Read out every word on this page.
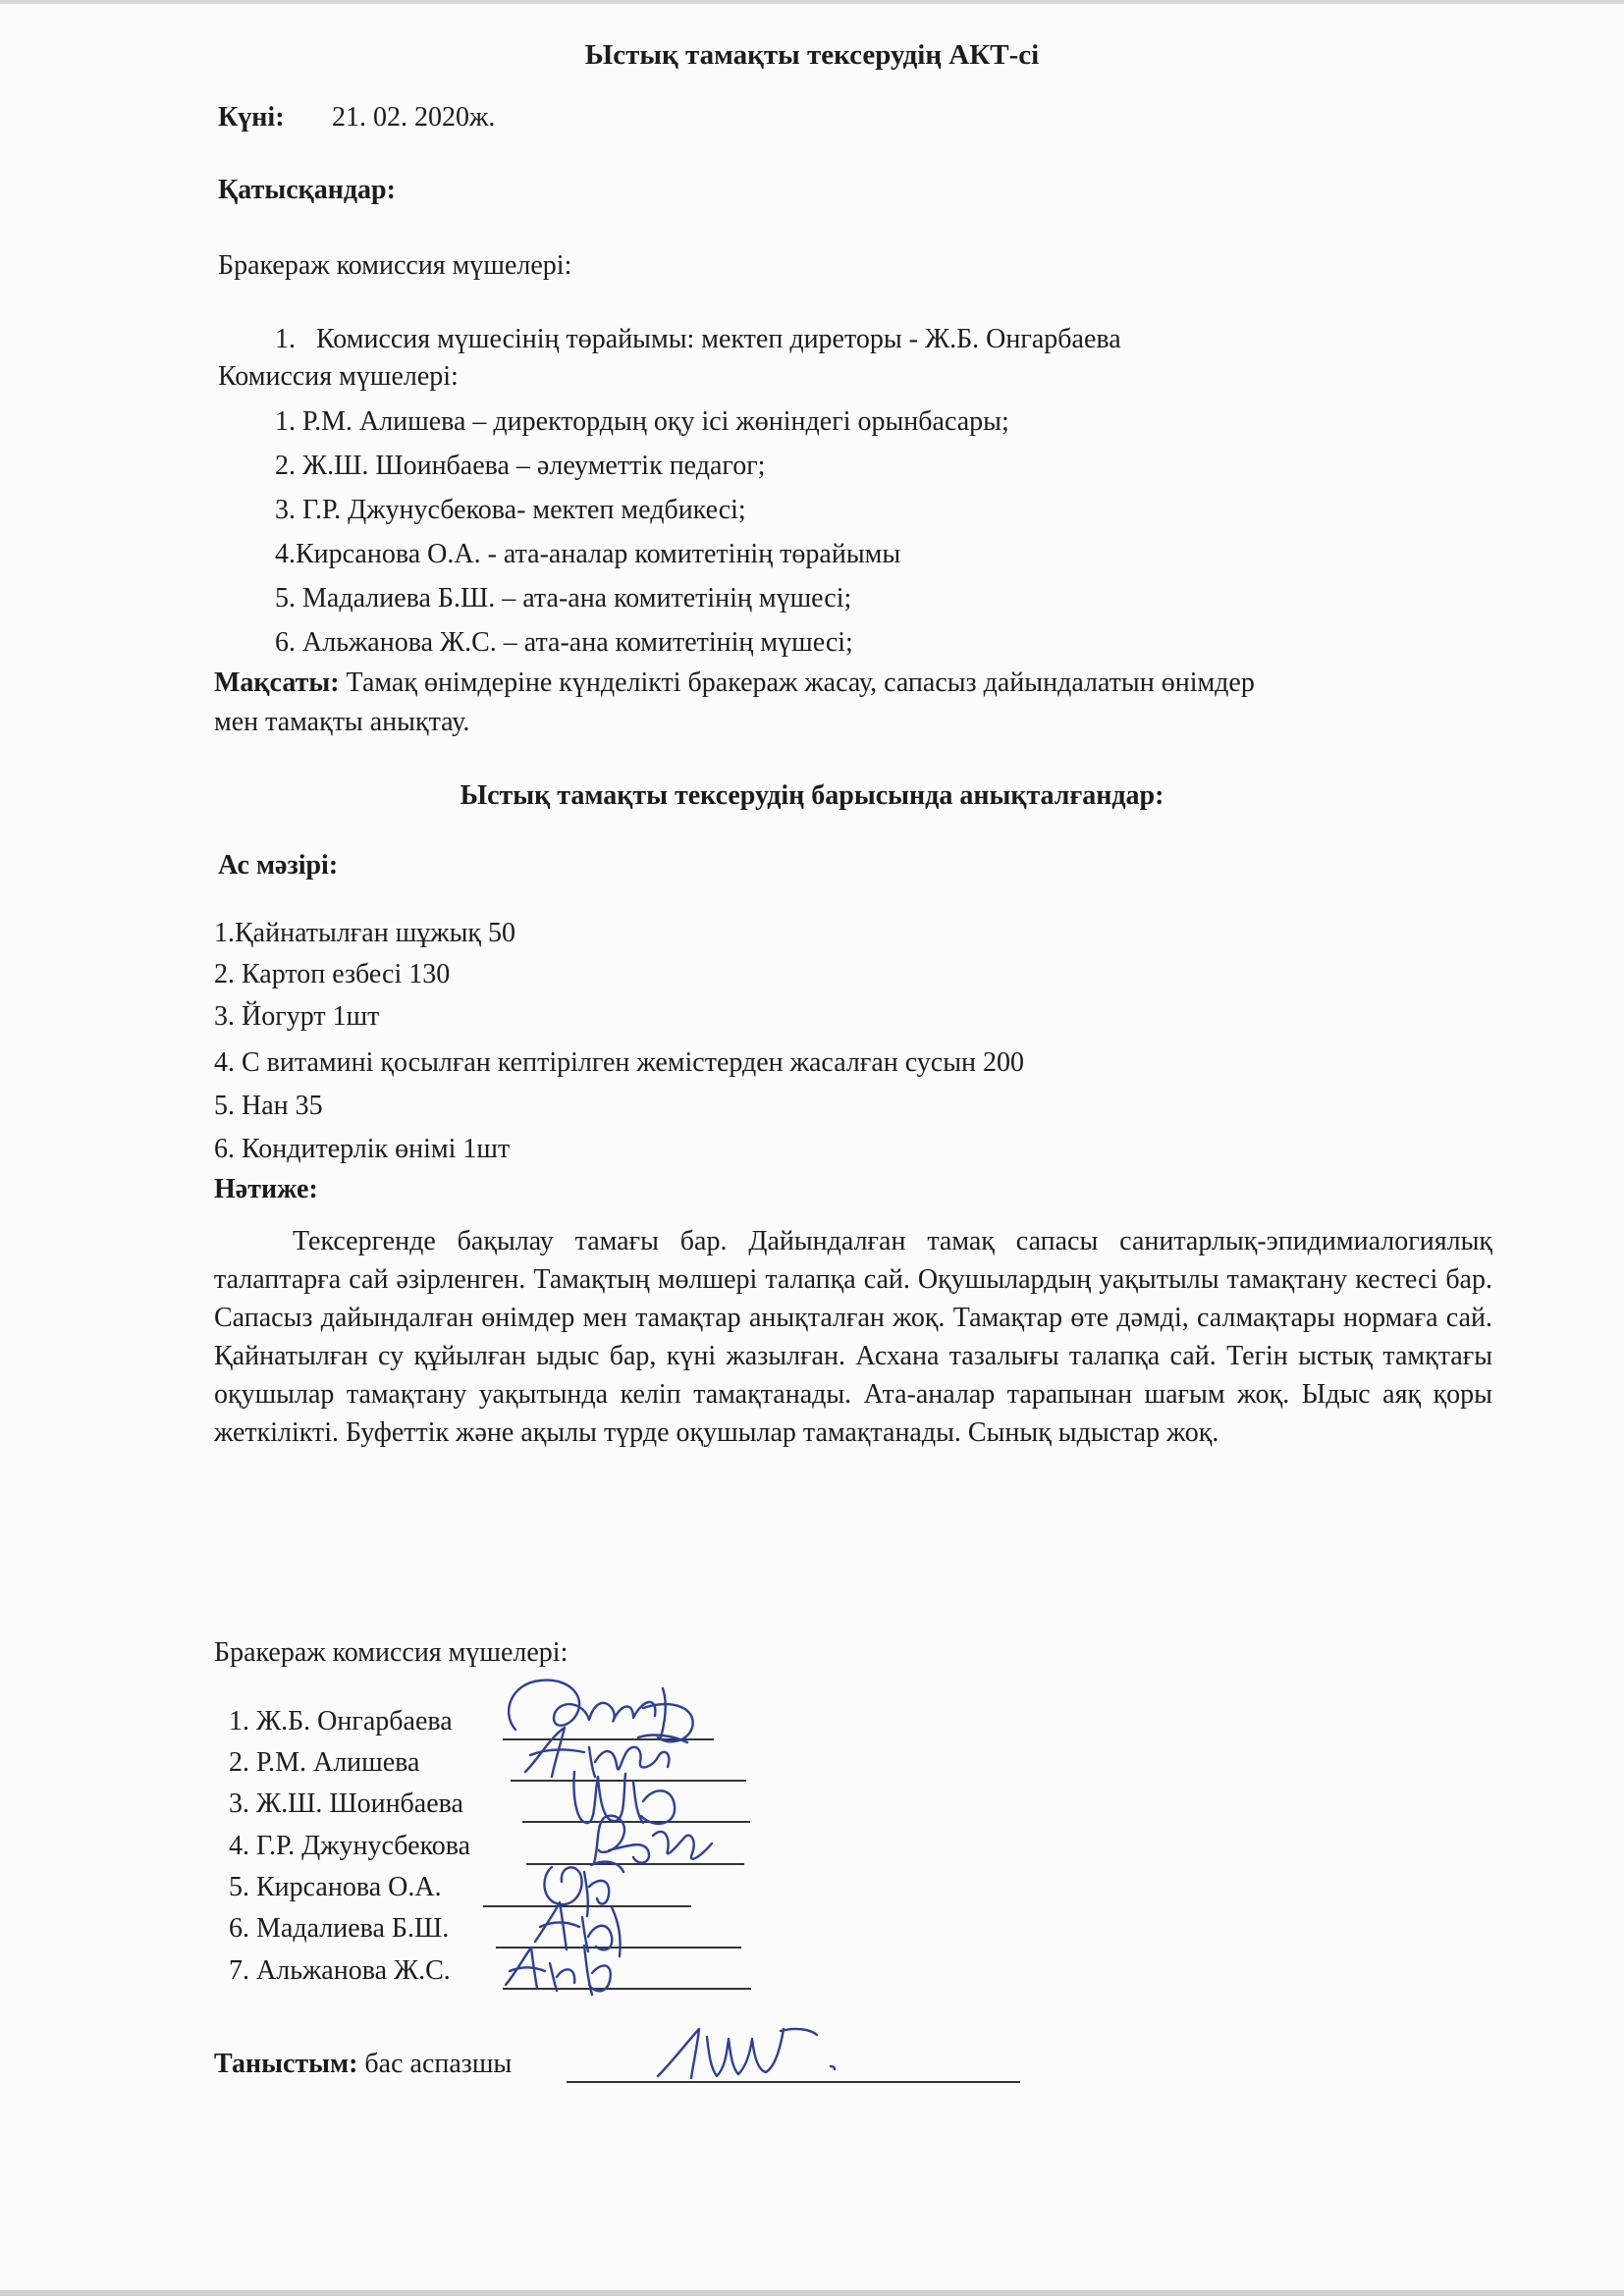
Ыстық тамақты тексерудің АКТ-сі
Күні: 21. 02. 2020ж.
Қатысқандар:
Бракераж комиссия мүшелері:
1. Комиссия мүшесінің төрайымы: мектеп диреторы - Ж.Б. Онгарбаева
Комиссия мүшелері:
1. Р.М. Алишева – директордың оқу ісі жөніндегі орынбасары;
2. Ж.Ш. Шоинбаева – әлеуметтік педагог;
3. Г.Р. Джунусбекова- мектеп медбикесі;
4.Кирсанова О.А. - ата-аналар комитетінің төрайымы
5. Мадалиева Б.Ш. – ата-ана комитетінің мүшесі;
6. Альжанова Ж.С. – ата-ана комитетінің мүшесі;
Мақсаты: Тамақ өнімдеріне күнделікті бракераж жасау, сапасыз дайындалатын өнімдер
мен тамақты анықтау.
Ыстық тамақты тексерудің барысында анықталғандар:
Ас мәзірі:
1.Қайнатылған шұжық 50
2. Картоп езбесі 130
3. Йогурт 1шт
4. С витамині қосылған кептірілген жемістерден жасалған сусын 200
5. Нан 35
6. Кондитерлік өнімі 1шт
Нәтиже:
Тексергенде бақылау тамағы бар. Дайындалған тамақ сапасы санитарлық-эпидимиалогиялық талаптарға сай әзірленген. Тамақтың мөлшері талапқа сай. Оқушылардың уақытылы тамақтану кестесі бар. Сапасыз дайындалған өнімдер мен тамақтар анықталған жоқ. Тамақтар өте дәмді, салмақтары нормаға сай. Қайнатылған су құйылған ыдыс бар, күні жазылған. Асхана тазалығы талапқа сай. Тегін ыстық тамқтағы оқушылар тамақтану уақытында келіп тамақтанады. Ата-аналар тарапынан шағым жоқ. Ыдыс аяқ қоры жеткілікті. Буфеттік және ақылы түрде оқушылар тамақтанады. Сынық ыдыстар жоқ.
Бракераж комиссия мүшелері:
1. Ж.Б. Онгарбаева
2. Р.М. Алишева
3. Ж.Ш. Шоинбаева
4. Г.Р. Джунусбекова
5. Кирсанова О.А.
6. Мадалиева Б.Ш.
7. Альжанова Ж.С.
Таныстым: бас аспазшы
